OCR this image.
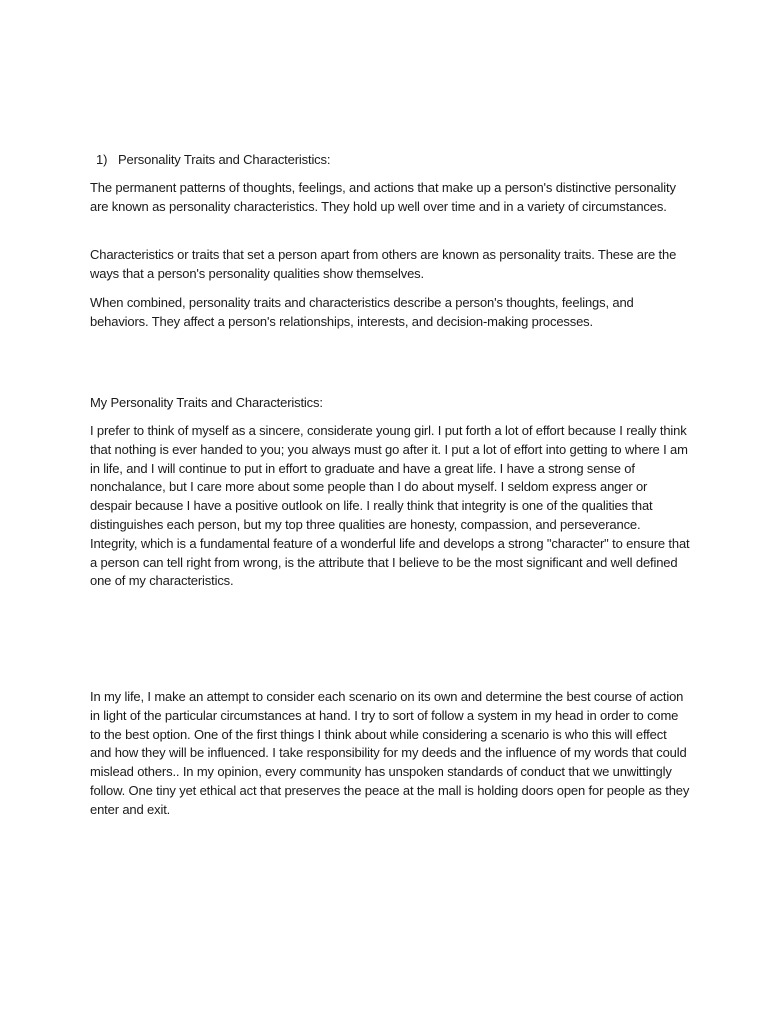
1) Personality Traits and Characteristics:

The permanent patterns of thoughts, feelings, and actions that make up a person's distinctive personality are known as personality characteristics. They hold up well over time and in a variety of circumstances.

Characteristics or traits that set a person apart from others are known as personality traits. These are the ways that a person's personality qualities show themselves.

When combined, personality traits and characteristics describe a person's thoughts, feelings, and behaviors. They affect a person's relationships, interests, and decision-making processes.

My Personality Traits and Characteristics:

I prefer to think of myself as a sincere, considerate young girl. I put forth a lot of effort because I really think that nothing is ever handed to you; you always must go after it. I put a lot of effort into getting to where I am in life, and I will continue to put in effort to graduate and have a great life. I have a strong sense of nonchalance, but I care more about some people than I do about myself. I seldom express anger or despair because I have a positive outlook on life. I really think that integrity is one of the qualities that distinguishes each person, but my top three qualities are honesty, compassion, and perseverance. Integrity, which is a fundamental feature of a wonderful life and develops a strong "character" to ensure that a person can tell right from wrong, is the attribute that I believe to be the most significant and well defined one of my characteristics.

In my life, I make an attempt to consider each scenario on its own and determine the best course of action in light of the particular circumstances at hand. I try to sort of follow a system in my head in order to come to the best option. One of the first things I think about while considering a scenario is who this will effect and how they will be influenced. I take responsibility for my deeds and the influence of my words that could mislead others.. In my opinion, every community has unspoken standards of conduct that we unwittingly follow. One tiny yet ethical act that preserves the peace at the mall is holding doors open for people as they enter and exit.
